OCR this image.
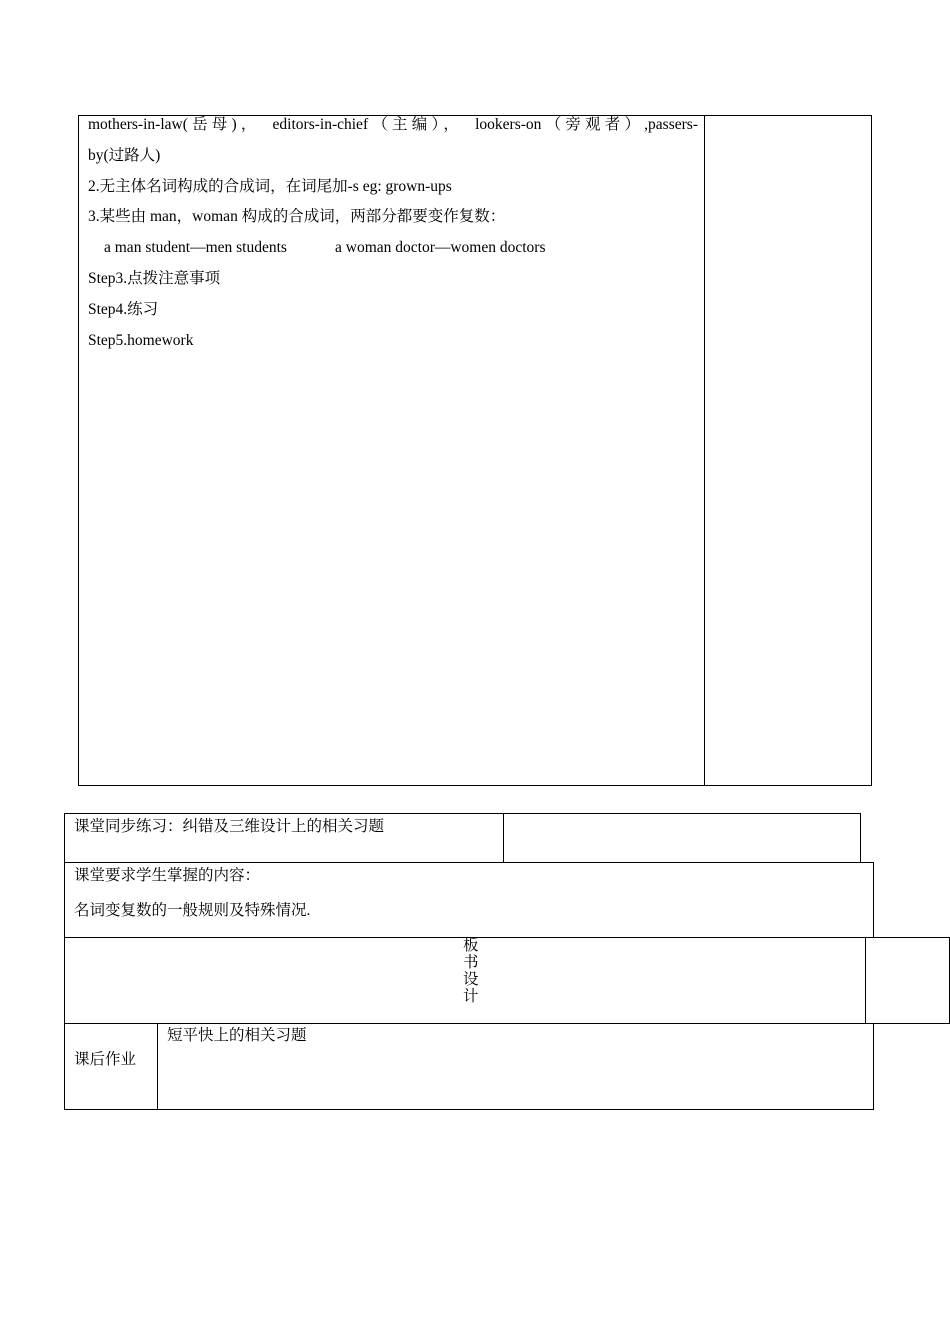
mothers-in-law(岳母)，　editors-in-chief（主编），　lookers-on（旁观者）,passers-
by(过路人)
2.无主体名词构成的合成词，在词尾加-s eg: grown-ups
3.某些由 man，woman 构成的合成词，两部分都要变作复数：
a man student—men students	a woman doctor—women doctors
Step3.点拨注意事项
Step4.练习
Step5.homework
课堂同步练习：纠错及三维设计上的相关习题
课堂要求学生掌握的内容：
名词变复数的一般规则及特殊情况.
板
书
设
计
课后作业
短平快上的相关习题
